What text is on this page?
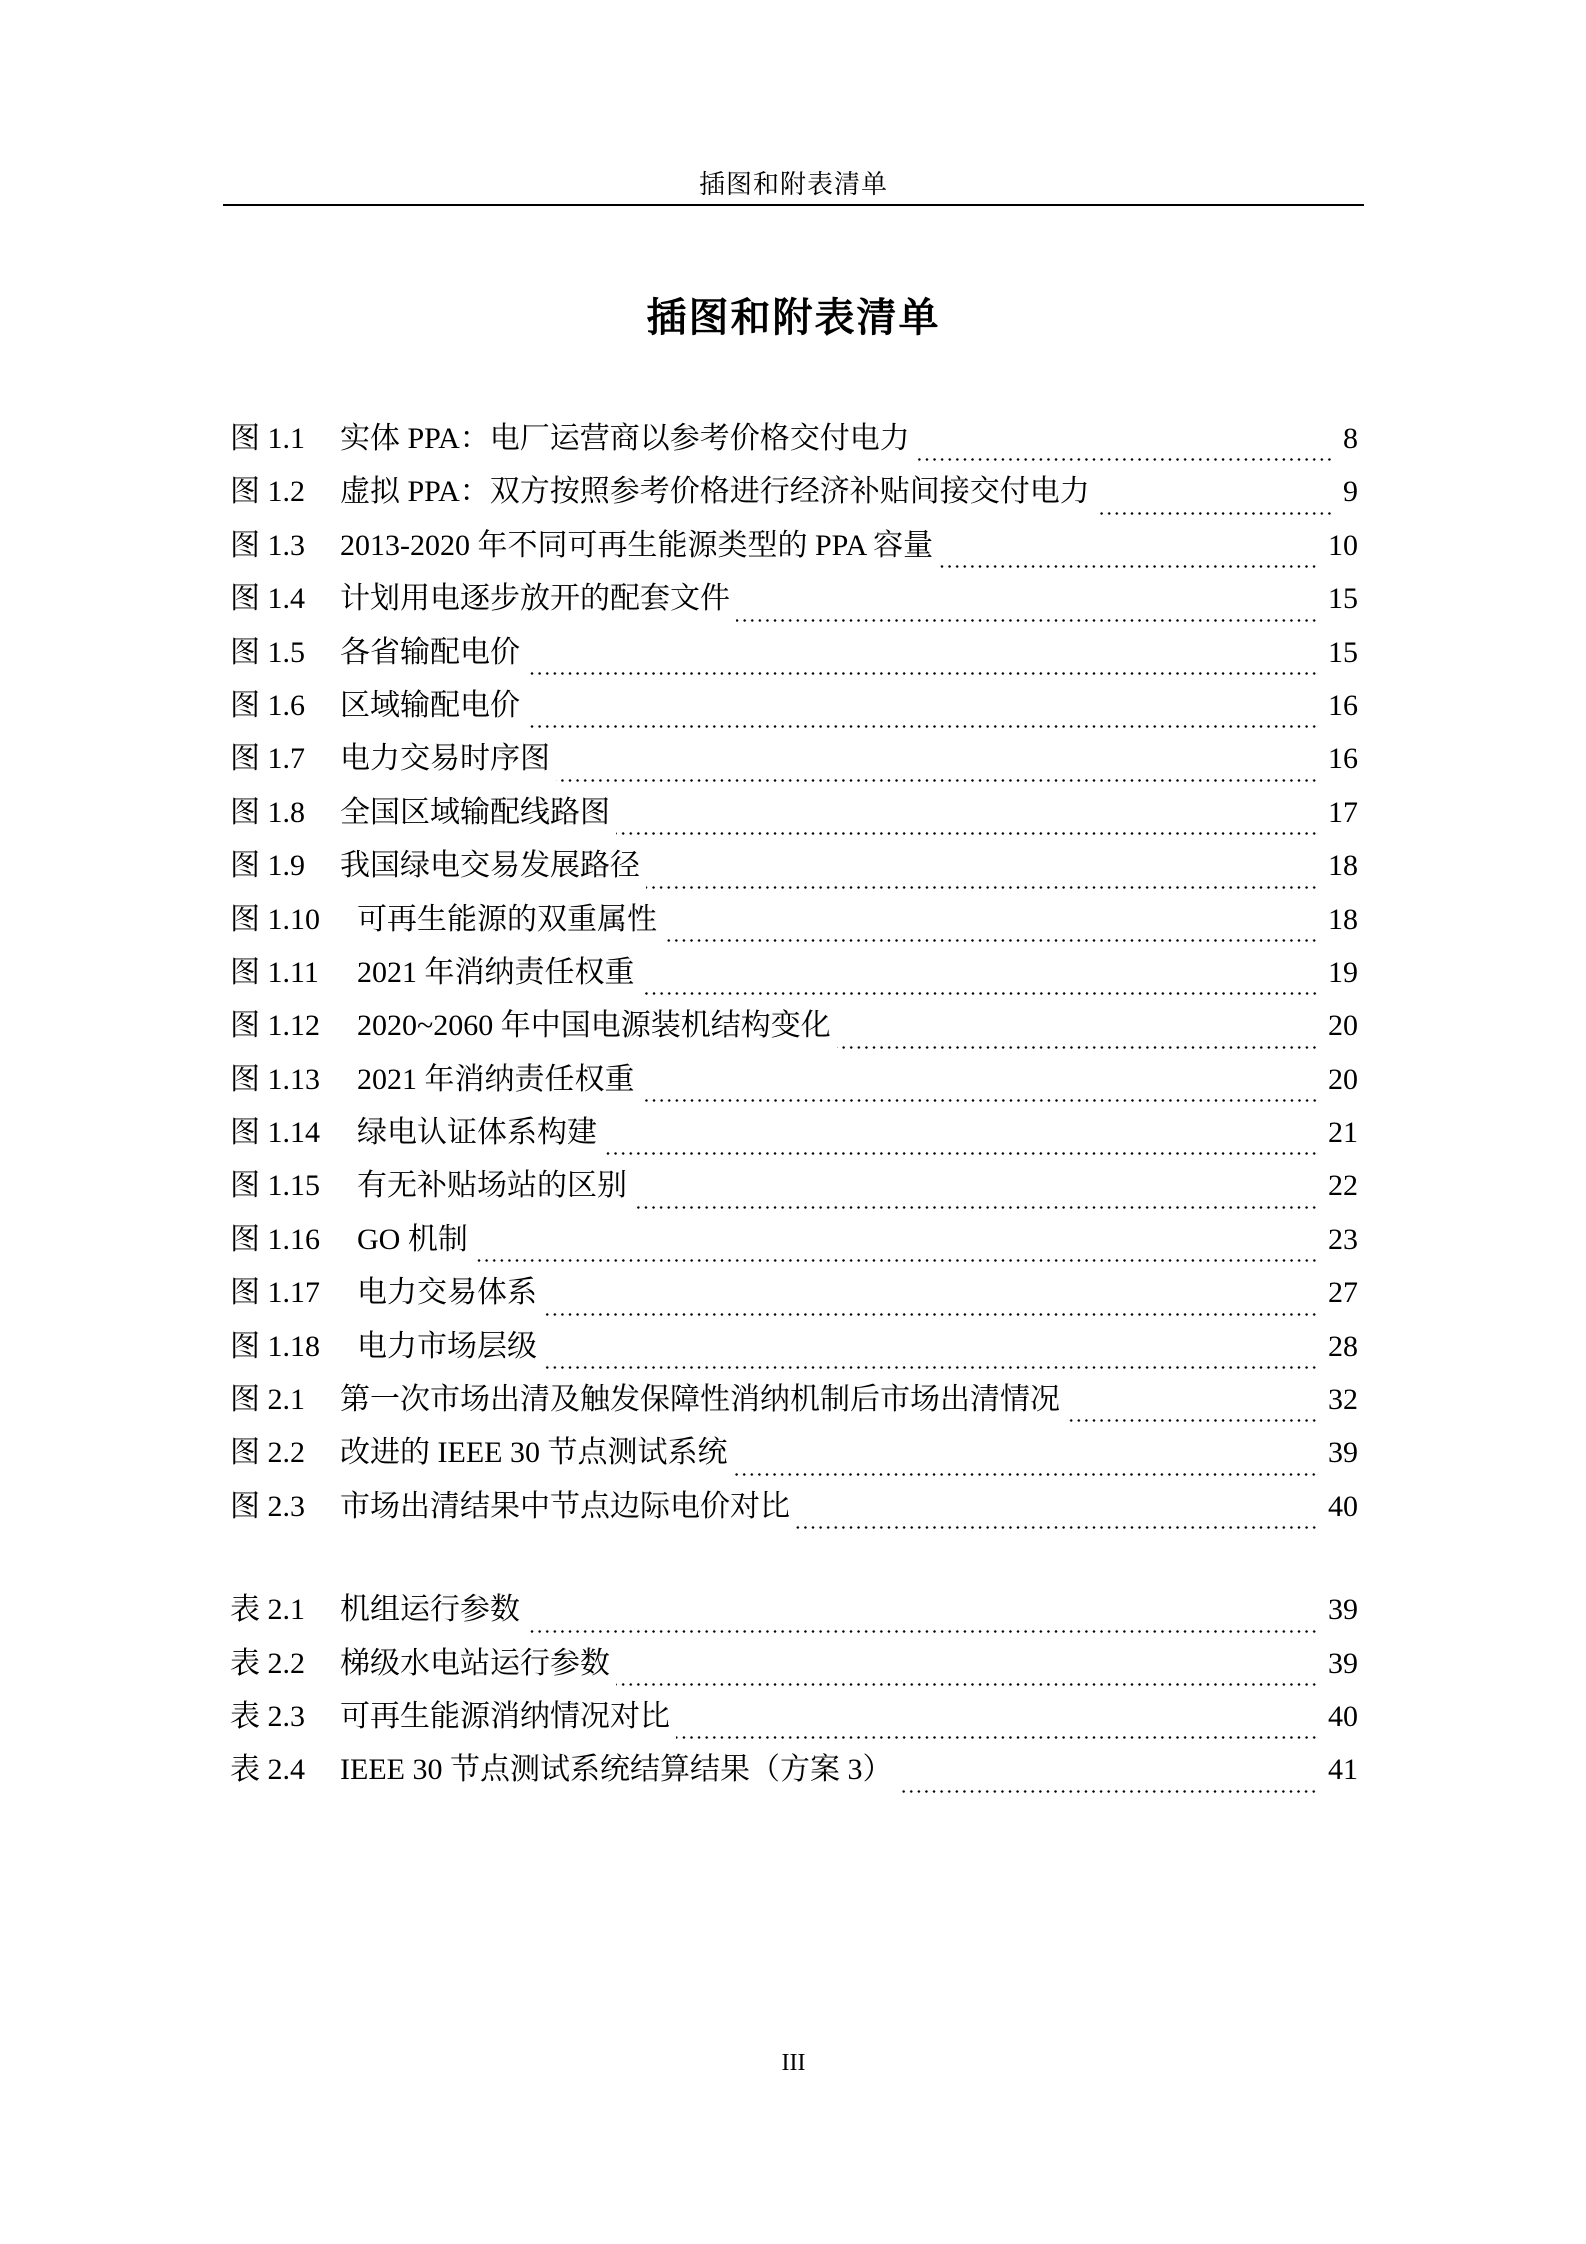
插图和附表清单
插图和附表清单
图 1.1	实体 PPA：电厂运营商以参考价格交付电力	8
图 1.2	虚拟 PPA：双方按照参考价格进行经济补贴间接交付电力	9
图 1.3	2013-2020 年不同可再生能源类型的 PPA 容量	10
图 1.4	计划用电逐步放开的配套文件	15
图 1.5	各省输配电价	15
图 1.6	区域输配电价	16
图 1.7	电力交易时序图	16
图 1.8	全国区域输配线路图	17
图 1.9	我国绿电交易发展路径	18
图 1.10	可再生能源的双重属性	18
图 1.11	2021 年消纳责任权重	19
图 1.12	2020~2060 年中国电源装机结构变化	20
图 1.13	2021 年消纳责任权重	20
图 1.14	绿电认证体系构建	21
图 1.15	有无补贴场站的区别	22
图 1.16	GO 机制	23
图 1.17	电力交易体系	27
图 1.18	电力市场层级	28
图 2.1	第一次市场出清及触发保障性消纳机制后市场出清情况	32
图 2.2	改进的 IEEE 30 节点测试系统	39
图 2.3	市场出清结果中节点边际电价对比	40
表 2.1	机组运行参数	39
表 2.2	梯级水电站运行参数	39
表 2.3	可再生能源消纳情况对比	40
表 2.4	IEEE 30 节点测试系统结算结果（方案 3）	41
III
